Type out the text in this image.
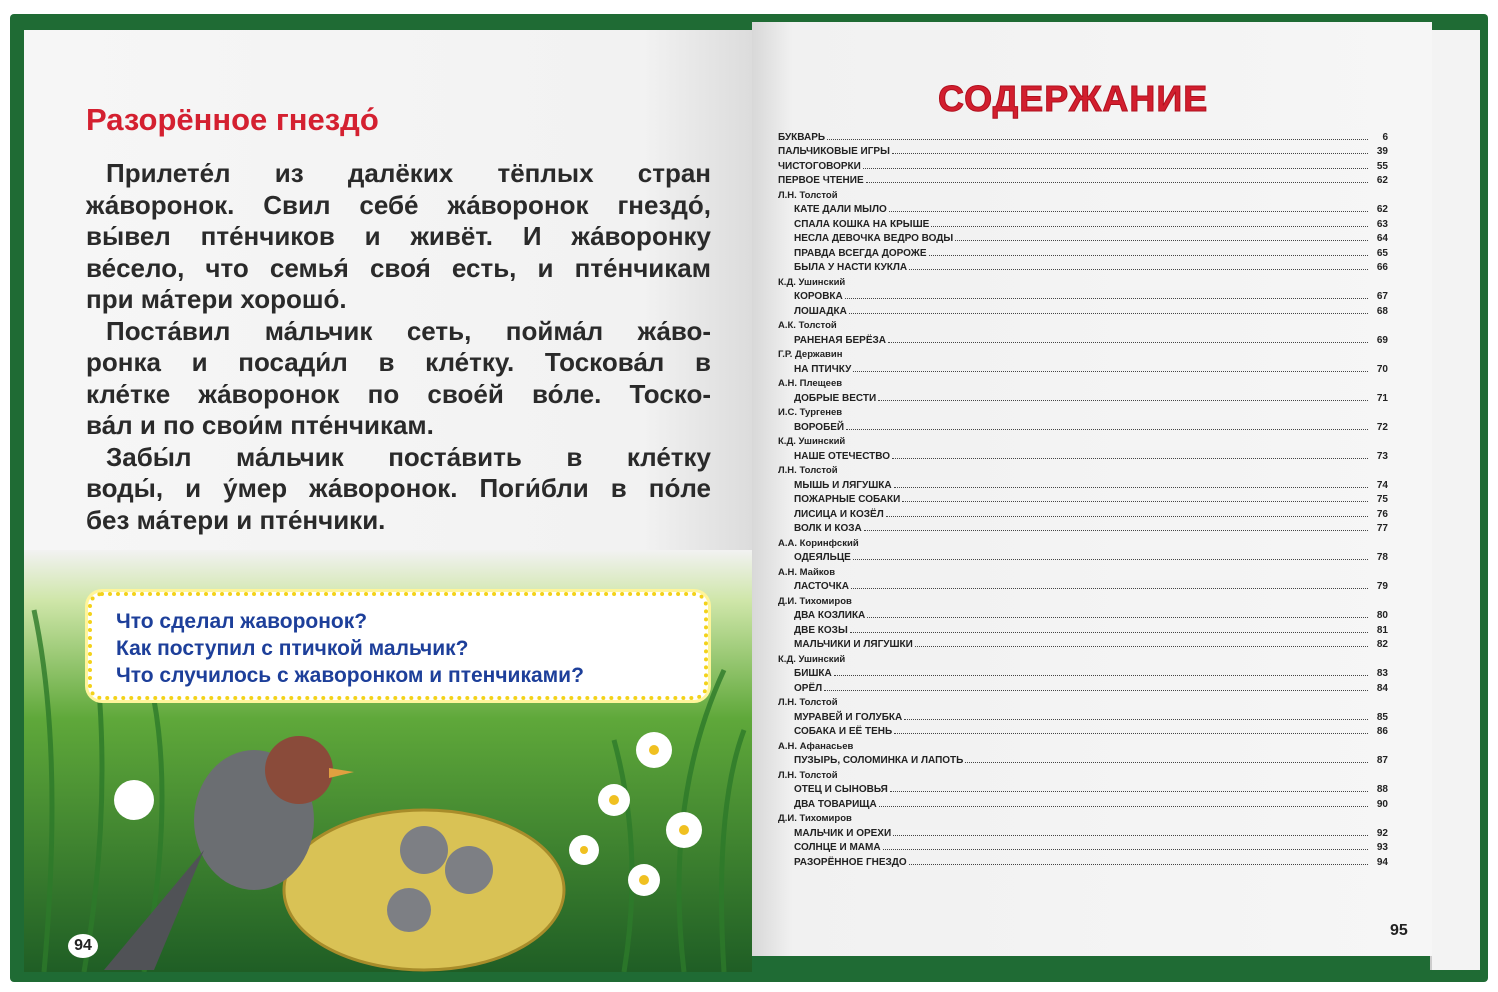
Разорённое гнездо́
Прилете́л из далёких тёплых стран
жа́воронок. Свил себе́ жа́воронок гнездо́,
вы́вел пте́нчиков и живёт. И жа́воронку
ве́село, что семья́ своя́ есть, и пте́нчикам
при ма́тери хорошо́.
Поста́вил ма́льчик сеть, пойма́л жа́во-
ронка и посади́л в кле́тку. Тоскова́л в
кле́тке жа́воронок по свое́й во́ле. Тоско-
ва́л и по свои́м пте́нчикам.
Забы́л ма́льчик поста́вить в кле́тку
воды́, и у́мер жа́воронок. Поги́бли в по́ле
без ма́тери и пте́нчики.
Что сделал жаворонок?
Как поступил с птичкой мальчик?
Что случилось с жаворонком и птенчиками?
94
СОДЕРЖАНИЕ
БУКВАРЬ	6
ПАЛЬЧИКОВЫЕ ИГРЫ	39
ЧИСТОГОВОРКИ	55
ПЕРВОЕ ЧТЕНИЕ	62
Л.Н. Толстой
КАТЕ ДАЛИ МЫЛО	62
СПАЛА КОШКА НА КРЫШЕ	63
НЕСЛА ДЕВОЧКА ВЕДРО ВОДЫ	64
ПРАВДА ВСЕГДА ДОРОЖЕ	65
БЫЛА У НАСТИ КУКЛА	66
К.Д. Ушинский
КОРОВКА	67
ЛОШАДКА	68
А.К. Толстой
РАНЕНАЯ БЕРЁЗА	69
Г.Р. Державин
НА ПТИЧКУ	70
А.Н. Плещеев
ДОБРЫЕ ВЕСТИ	71
И.С. Тургенев
ВОРОБЕЙ	72
К.Д. Ушинский
НАШЕ ОТЕЧЕСТВО	73
Л.Н. Толстой
МЫШЬ И ЛЯГУШКА	74
ПОЖАРНЫЕ СОБАКИ	75
ЛИСИЦА И КОЗЁЛ	76
ВОЛК И КОЗА	77
А.А. Коринфский
ОДЕЯЛЬЦЕ	78
А.Н. Майков
ЛАСТОЧКА	79
Д.И. Тихомиров
ДВА КОЗЛИКА	80
ДВЕ КОЗЫ	81
МАЛЬЧИКИ И ЛЯГУШКИ	82
К.Д. Ушинский
БИШКА	83
ОРЁЛ	84
Л.Н. Толстой
МУРАВЕЙ И ГОЛУБКА	85
СОБАКА И ЕЁ ТЕНЬ	86
А.Н. Афанасьев
ПУЗЫРЬ, СОЛОМИНКА И ЛАПОТЬ	87
Л.Н. Толстой
ОТЕЦ И СЫНОВЬЯ	88
ДВА ТОВАРИЩА	90
Д.И. Тихомиров
МАЛЬЧИК И ОРЕХИ	92
СОЛНЦЕ И МАМА	93
РАЗОРЁННОЕ ГНЕЗДО	94
95
